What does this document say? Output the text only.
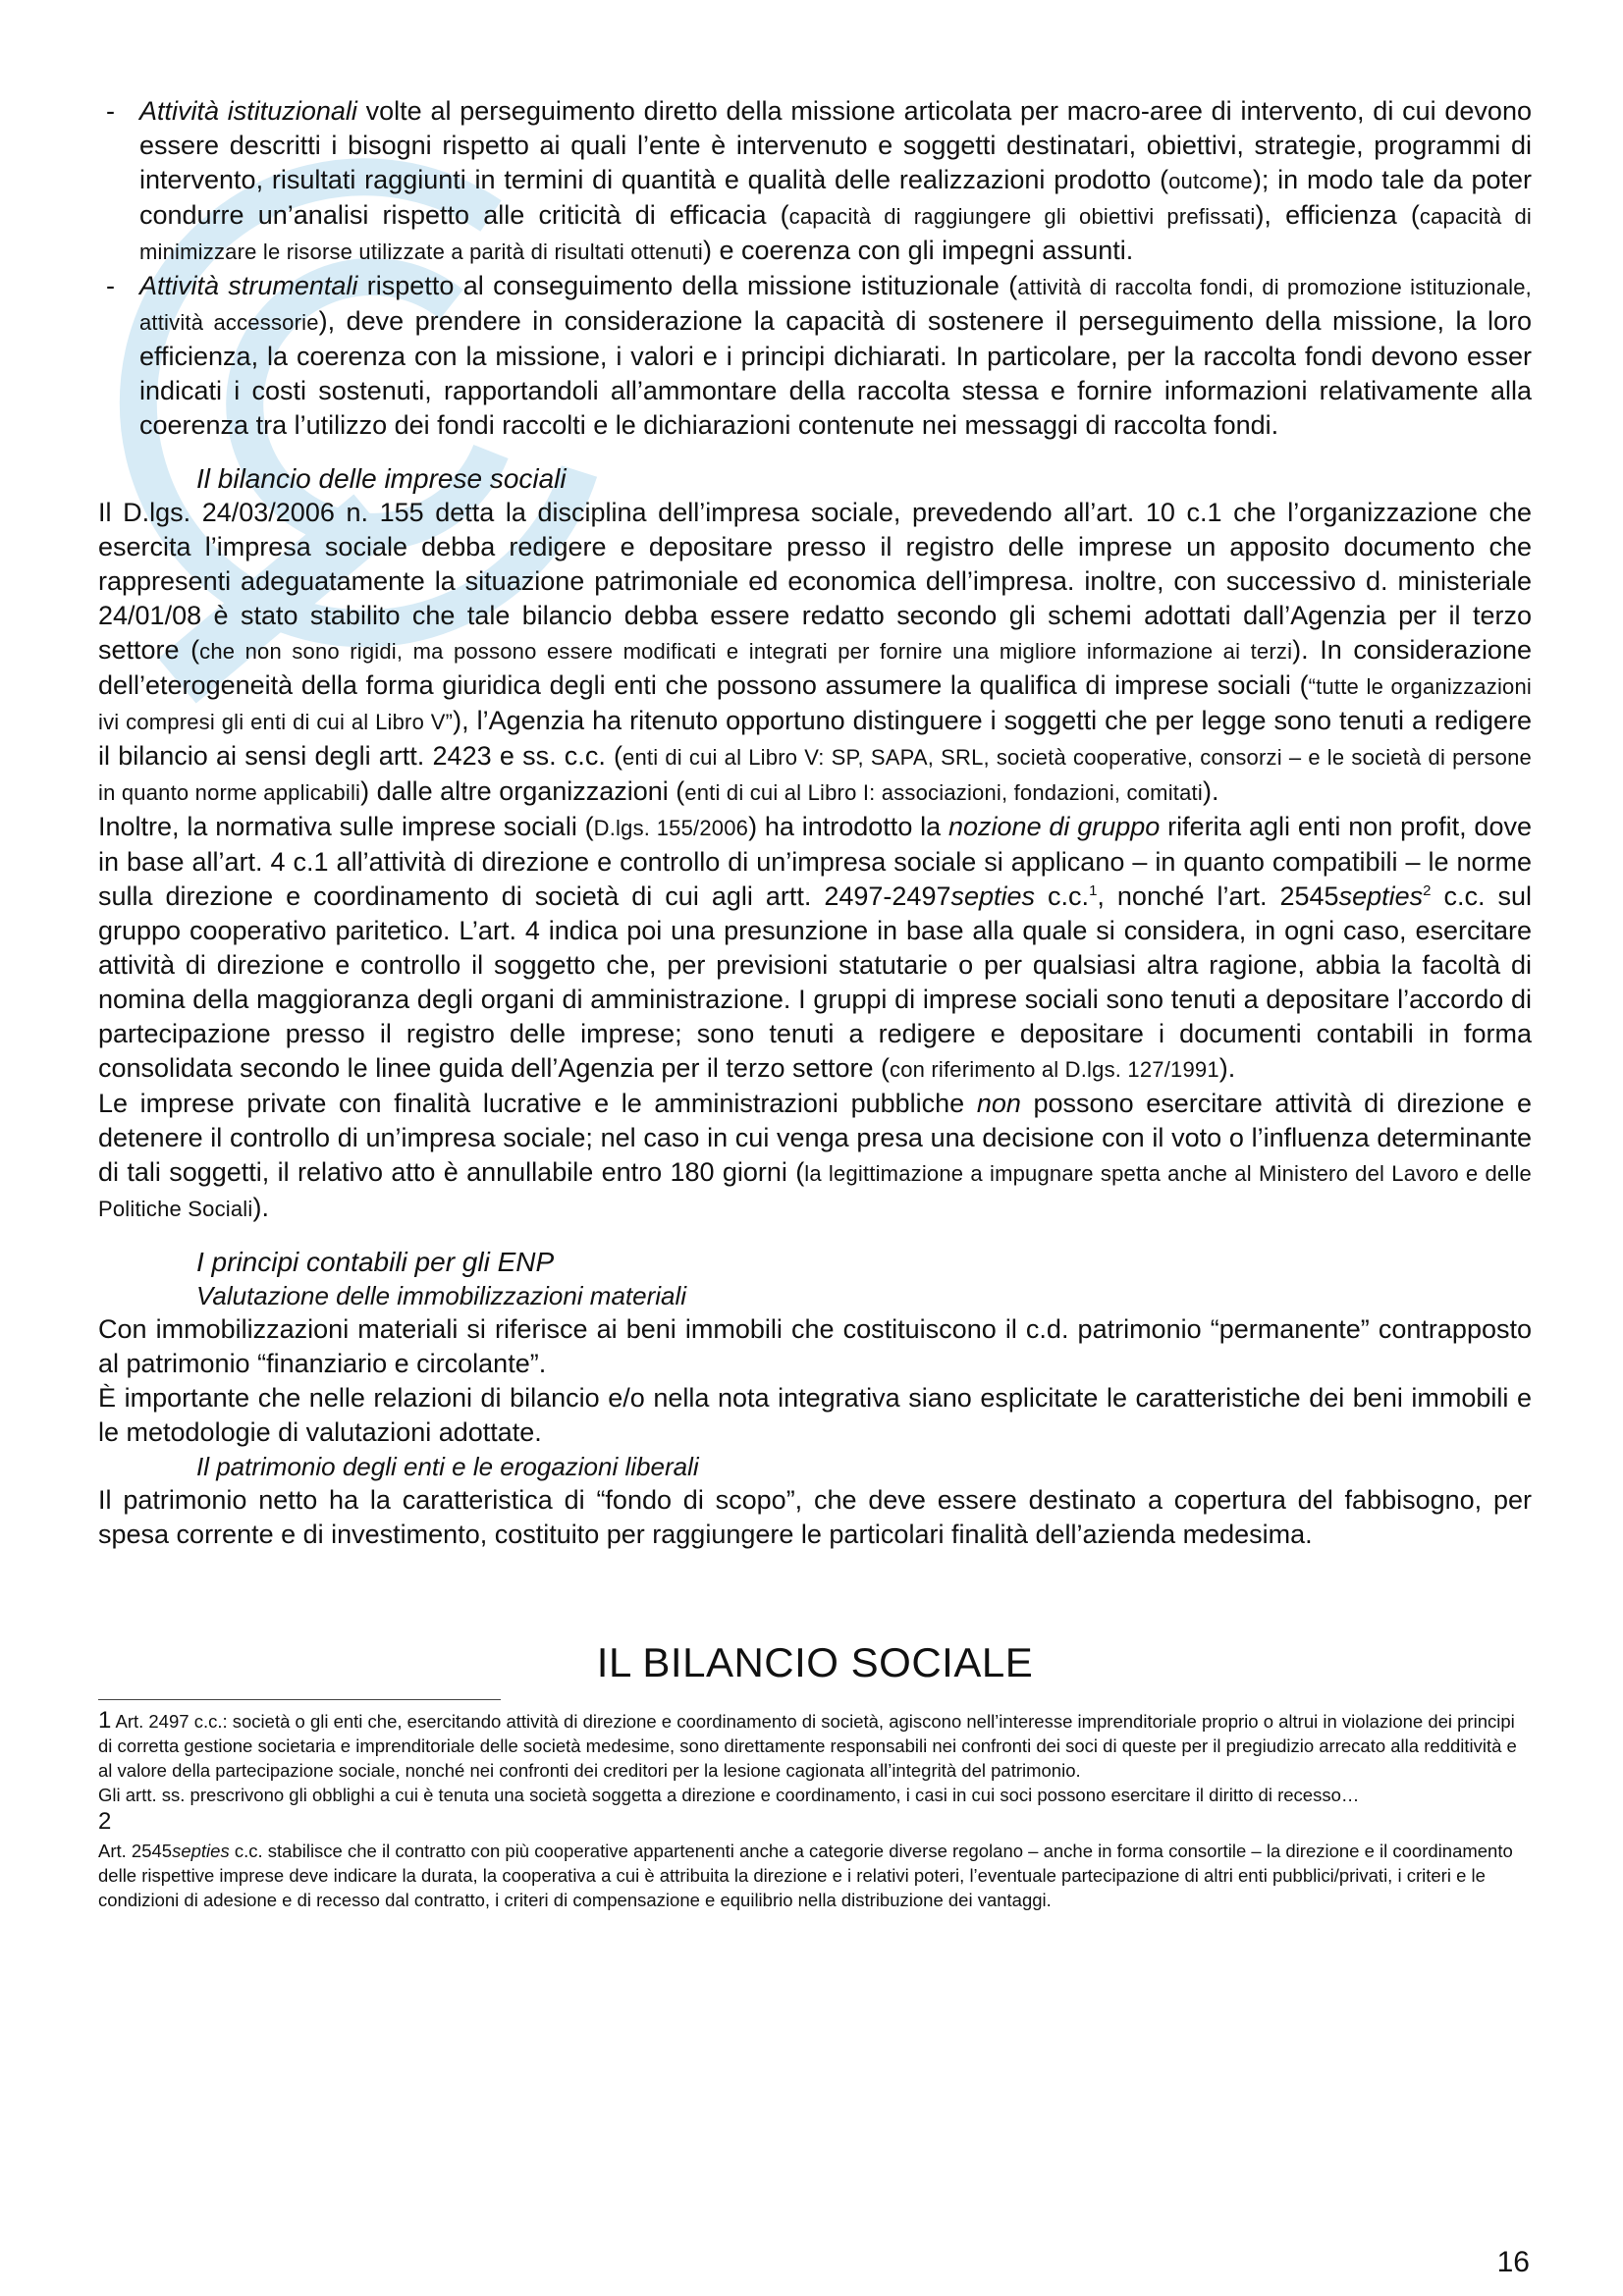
- Attività istituzionali volte al perseguimento diretto della missione articolata per macro-aree di intervento, di cui devono essere descritti i bisogni rispetto ai quali l’ente è intervenuto e soggetti destinatari, obiettivi, strategie, programmi di intervento, risultati raggiunti in termini di quantità e qualità delle realizzazioni prodotto (outcome); in modo tale da poter condurre un’analisi rispetto alle criticità di efficacia (capacità di raggiungere gli obiettivi prefissati), efficienza (capacità di minimizzare le risorse utilizzate a parità di risultati ottenuti) e coerenza con gli impegni assunti.

- Attività strumentali rispetto al conseguimento della missione istituzionale (attività di raccolta fondi, di promozione istituzionale, attività accessorie), deve prendere in considerazione la capacità di sostenere il perseguimento della missione, la loro efficienza, la coerenza con la missione, i valori e i principi dichiarati. In particolare, per la raccolta fondi devono esser indicati i costi sostenuti, rapportandoli all’ammontare della raccolta stessa e fornire informazioni relativamente alla coerenza tra l’utilizzo dei fondi raccolti e le dichiarazioni contenute nei messaggi di raccolta fondi.

Il bilancio delle imprese sociali

Il D.lgs. 24/03/2006 n. 155 detta la disciplina dell’impresa sociale, prevedendo all’art. 10 c.1 che l’organizzazione che esercita l’impresa sociale debba redigere e depositare presso il registro delle imprese un apposito documento che rappresenti adeguatamente la situazione patrimoniale ed economica dell’impresa. inoltre, con successivo d. ministeriale 24/01/08 è stato stabilito che tale bilancio debba essere redatto secondo gli schemi adottati dall’Agenzia per il terzo settore (che non sono rigidi, ma possono essere modificati e integrati per fornire una migliore informazione ai terzi). In considerazione dell’eterogeneità della forma giuridica degli enti che possono assumere la qualifica di imprese sociali (“tutte le organizzazioni ivi compresi gli enti di cui al Libro V”), l’Agenzia ha ritenuto opportuno distinguere i soggetti che per legge sono tenuti a redigere il bilancio ai sensi degli artt. 2423 e ss. c.c. (enti di cui al Libro V: SP, SAPA, SRL, società cooperative, consorzi – e le società di persone in quanto norme applicabili) dalle altre organizzazioni (enti di cui al Libro I: associazioni, fondazioni, comitati).

Inoltre, la normativa sulle imprese sociali (D.lgs. 155/2006) ha introdotto la nozione di gruppo riferita agli enti non profit, dove in base all’art. 4 c.1 all’attività di direzione e controllo di un’impresa sociale si applicano – in quanto compatibili – le norme sulla direzione e coordinamento di società di cui agli artt. 2497-2497septies c.c.$^1$, nonché l’art. 2545septies$^2$ c.c. sul gruppo cooperativo paritetico. L’art. 4 indica poi una presunzione in base alla quale si considera, in ogni caso, esercitare attività di direzione e controllo il soggetto che, per previsioni statutarie o per qualsiasi altra ragione, abbia la facoltà di nomina della maggioranza degli organi di amministrazione. I gruppi di imprese sociali sono tenuti a depositare l’accordo di partecipazione presso il registro delle imprese; sono tenuti a redigere e depositare i documenti contabili in forma consolidata secondo le linee guida dell’Agenzia per il terzo settore (con riferimento al D.lgs. 127/1991).

Le imprese private con finalità lucrative e le amministrazioni pubbliche non possono esercitare attività di direzione e detenere il controllo di un’impresa sociale; nel caso in cui venga presa una decisione con il voto o l’influenza determinante di tali soggetti, il relativo atto è annullabile entro 180 giorni (la legittimazione a impugnare spetta anche al Ministero del Lavoro e delle Politiche Sociali).

I principi contabili per gli ENP

Valutazione delle immobilizzazioni materiali

Con immobilizzazioni materiali si riferisce ai beni immobili che costituiscono il c.d. patrimonio “permanente” contrapposto al patrimonio “finanziario e circolante”.

È importante che nelle relazioni di bilancio e/o nella nota integrativa siano esplicitate le caratteristiche dei beni immobili e le metodologie di valutazioni adottate.

Il patrimonio degli enti e le erogazioni liberali

Il patrimonio netto ha la caratteristica di “fondo di scopo”, che deve essere destinato a copertura del fabbisogno, per spesa corrente e di investimento, costituito per raggiungere le particolari finalità dell’azienda medesima.

IL BILANCIO SOCIALE

1 Art. 2497 c.c.: società o gli enti che, esercitando attività di direzione e coordinamento di società, agiscono nell’interesse imprenditoriale proprio o altrui in violazione dei principi di corretta gestione societaria e imprenditoriale delle società medesime, sono direttamente responsabili nei confronti dei soci di queste per il pregiudizio arrecato alla redditività e al valore della partecipazione sociale, nonché nei confronti dei creditori per la lesione cagionata all’integrità del patrimonio.

Gli artt. ss. prescrivono gli obblighi a cui è tenuta una società soggetta a direzione e coordinamento, i casi in cui soci possono esercitare il diritto di recesso…

2

Art. 2545septies c.c. stabilisce che il contratto con più cooperative appartenenti anche a categorie diverse regolano – anche in forma consortile – la direzione e il coordinamento delle rispettive imprese deve indicare la durata, la cooperativa a cui è attribuita la direzione e i relativi poteri, l’eventuale partecipazione di altri enti pubblici/privati, i criteri e le condizioni di adesione e di recesso dal contratto, i criteri di compensazione e equilibrio nella distribuzione dei vantaggi.

16
